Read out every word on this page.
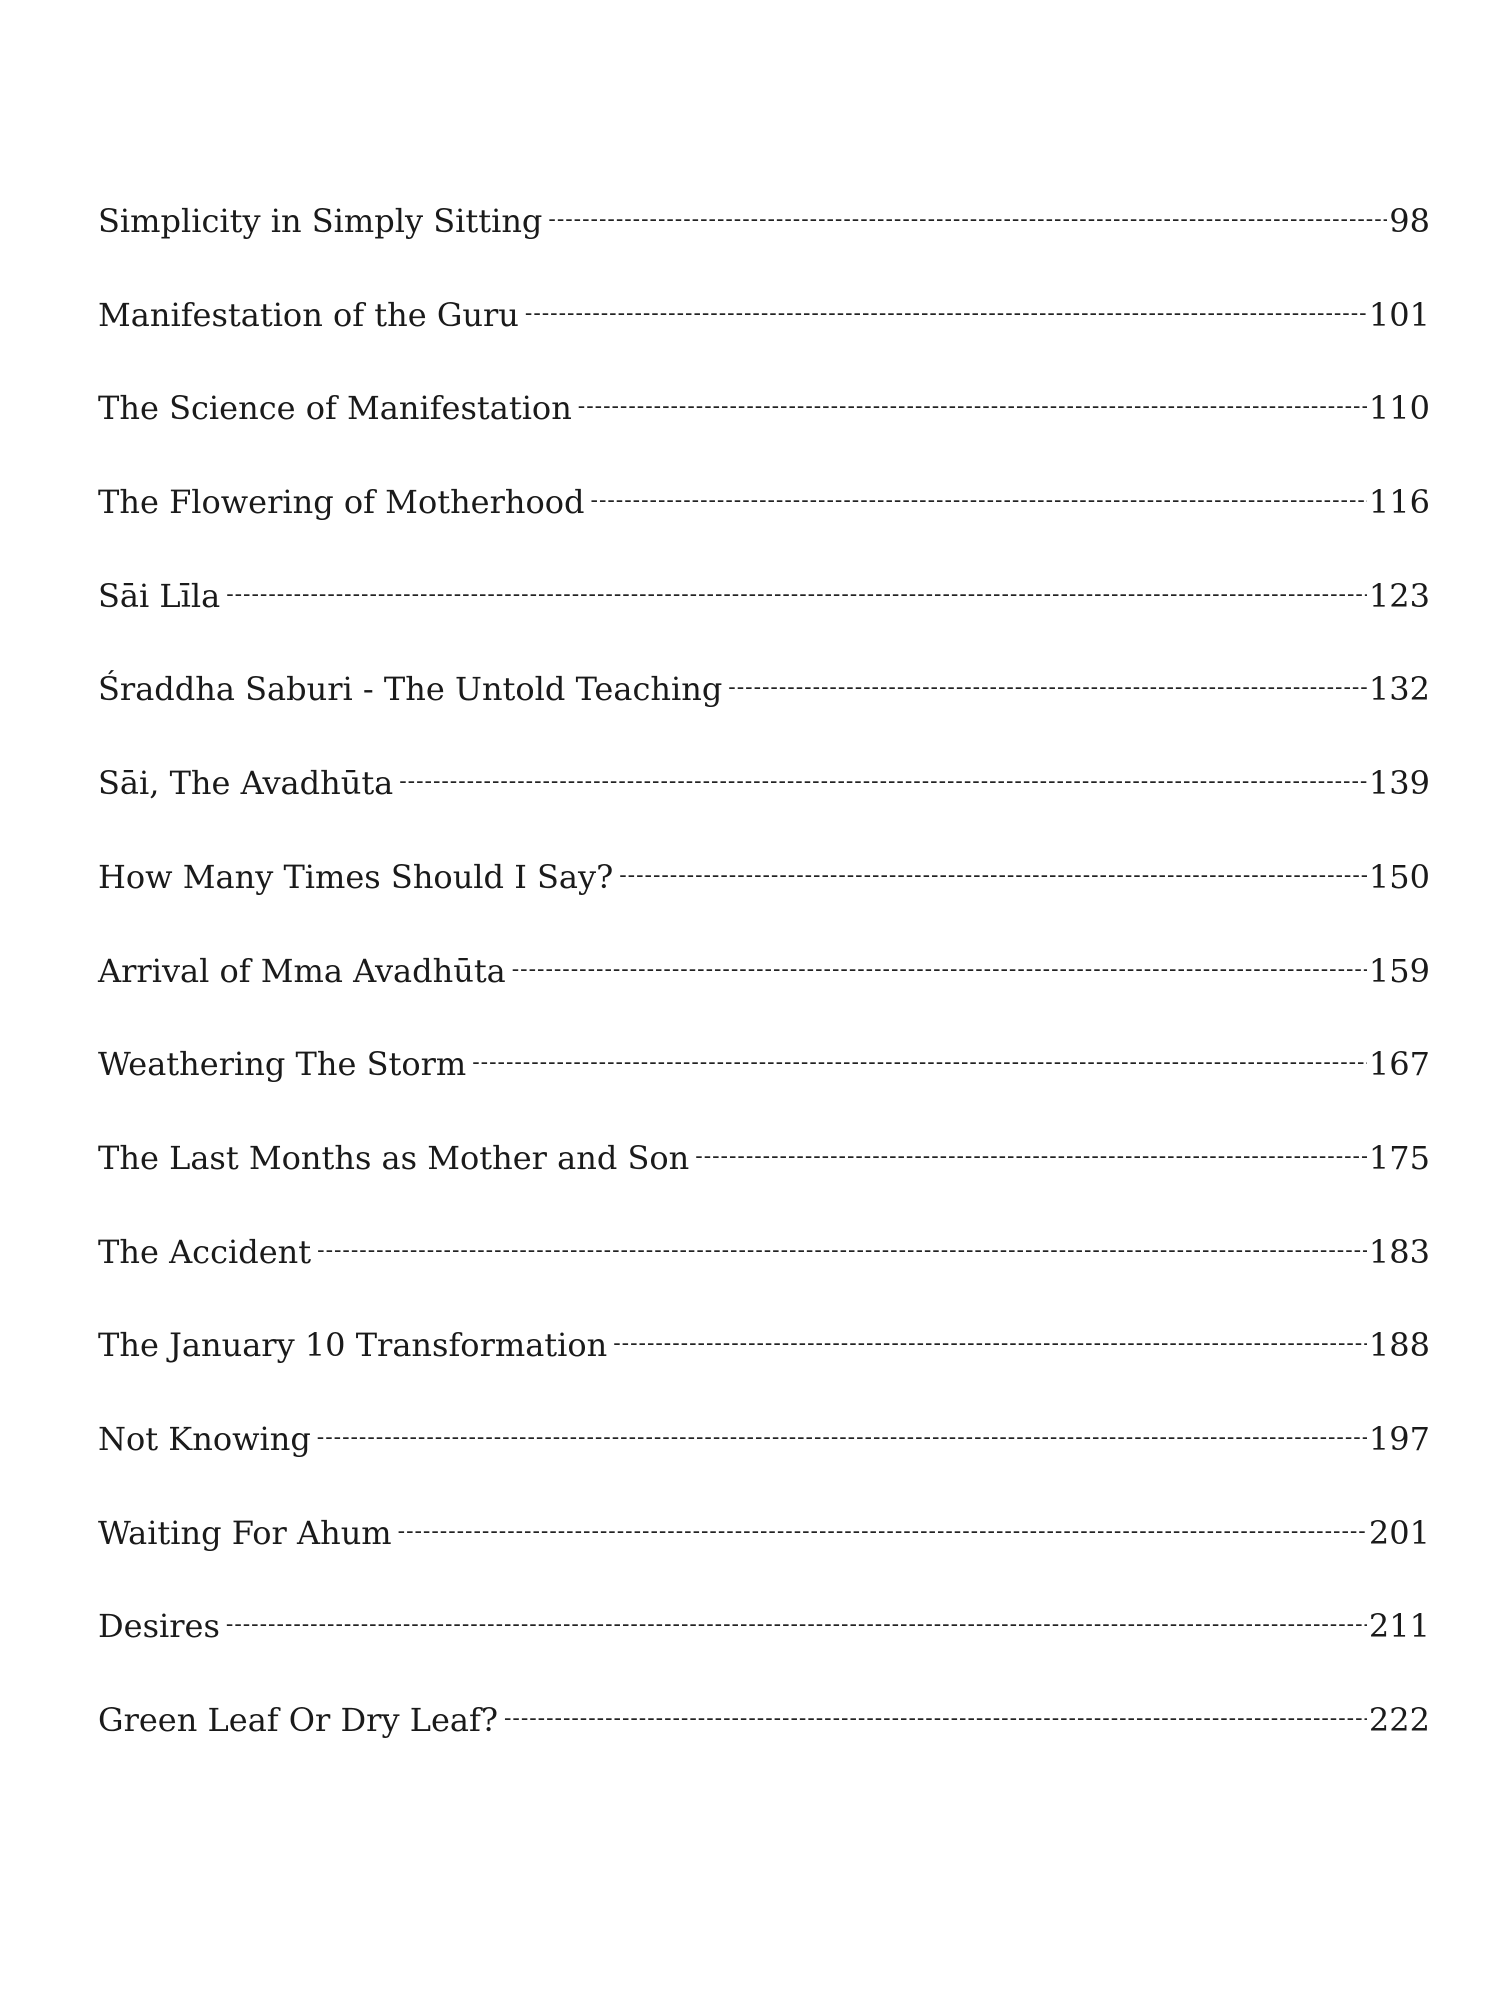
Simplicity in Simply Sitting - - -	98
Manifestation of the Guru - - -	101
The Science of Manifestation - - -	110
The Flowering of Motherhood - - -	116
Sāi Līla - - -	123
Śraddha Saburi - The Untold Teaching - - -	132
Sāi, The Avadhūta - - -	139
How Many Times Should I Say? - - -	150
Arrival of Mma Avadhūta - - -	159
Weathering The Storm - - -	167
The Last Months as Mother and Son - - -	175
The Accident - - -	183
The January 10 Transformation - - -	188
Not Knowing - - -	197
Waiting For Ahum - - -	201
Desires - - -	211
Green Leaf Or Dry Leaf? - - -	222
